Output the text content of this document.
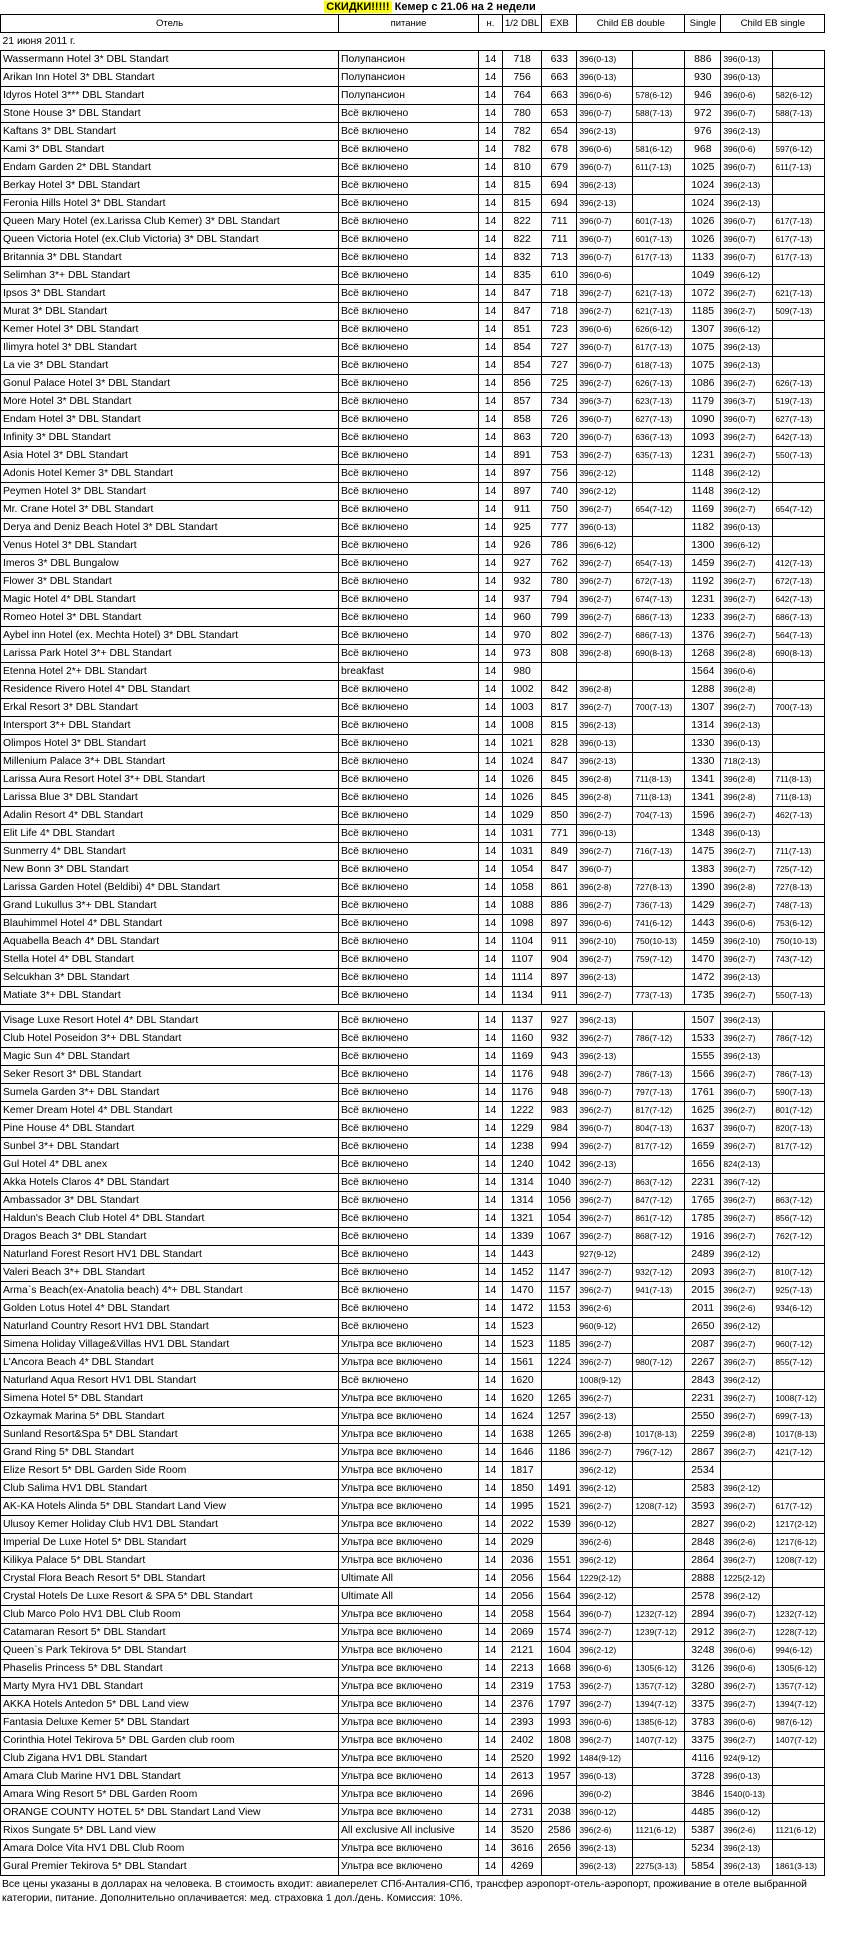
СКИДКИ!!!!! Кемер с 21.06 на 2 недели
Отель	питание	н.	1/2 DBL	EXB	Child EB double		Single	Child EB single	
21 июня 2011 г.									
Wassermann Hotel 3* DBL Standart	Полупансион	14	718	633	396(0-13)		886	396(0-13)	
Arikan Inn Hotel 3* DBL Standart	Полупансион	14	756	663	396(0-13)		930	396(0-13)	
Idyros Hotel 3*** DBL Standart	Полупансион	14	764	663	396(0-6)	578(6-12)	946	396(0-6)	582(6-12)
Stone House 3* DBL Standart	Всё включено	14	780	653	396(0-7)	588(7-13)	972	396(0-7)	588(7-13)
Kaftans 3* DBL Standart	Всё включено	14	782	654	396(2-13)		976	396(2-13)	
Kami 3* DBL Standart	Всё включено	14	782	678	396(0-6)	581(6-12)	968	396(0-6)	597(6-12)
Endam Garden 2* DBL Standart	Всё включено	14	810	679	396(0-7)	611(7-13)	1025	396(0-7)	611(7-13)
Berkay Hotel 3* DBL Standart	Всё включено	14	815	694	396(2-13)		1024	396(2-13)	
Feronia Hills Hotel 3* DBL Standart	Всё включено	14	815	694	396(2-13)		1024	396(2-13)	
Queen Mary Hotel (ex.Larissa Club Kemer) 3* DBL Standart	Всё включено	14	822	711	396(0-7)	601(7-13)	1026	396(0-7)	617(7-13)
Queen Victoria Hotel (ex.Club Victoria) 3* DBL Standart	Всё включено	14	822	711	396(0-7)	601(7-13)	1026	396(0-7)	617(7-13)
Britannia 3* DBL Standart	Всё включено	14	832	713	396(0-7)	617(7-13)	1133	396(0-7)	617(7-13)
Selimhan 3*+ DBL Standart	Всё включено	14	835	610	396(0-6)		1049	396(6-12)	
Ipsos 3* DBL Standart	Всё включено	14	847	718	396(2-7)	621(7-13)	1072	396(2-7)	621(7-13)
Murat 3* DBL Standart	Всё включено	14	847	718	396(2-7)	621(7-13)	1185	396(2-7)	509(7-13)
Kemer Hotel 3* DBL Standart	Всё включено	14	851	723	396(0-6)	626(6-12)	1307	396(6-12)	
Ilimyra hotel 3* DBL Standart	Всё включено	14	854	727	396(0-7)	617(7-13)	1075	396(2-13)	
La vie 3* DBL Standart	Всё включено	14	854	727	396(0-7)	618(7-13)	1075	396(2-13)	
Gonul Palace Hotel 3* DBL Standart	Всё включено	14	856	725	396(2-7)	626(7-13)	1086	396(2-7)	626(7-13)
More Hotel 3* DBL Standart	Всё включено	14	857	734	396(3-7)	623(7-13)	1179	396(3-7)	519(7-13)
Endam Hotel 3* DBL Standart	Всё включено	14	858	726	396(0-7)	627(7-13)	1090	396(0-7)	627(7-13)
Infinity 3* DBL Standart	Всё включено	14	863	720	396(0-7)	636(7-13)	1093	396(2-7)	642(7-13)
Asia Hotel 3* DBL Standart	Всё включено	14	891	753	396(2-7)	635(7-13)	1231	396(2-7)	550(7-13)
Adonis Hotel Kemer 3* DBL Standart	Всё включено	14	897	756	396(2-12)		1148	396(2-12)	
Peymen Hotel 3* DBL Standart	Всё включено	14	897	740	396(2-12)		1148	396(2-12)	
Mr. Crane Hotel 3* DBL Standart	Всё включено	14	911	750	396(2-7)	654(7-12)	1169	396(2-7)	654(7-12)
Derya and Deniz Beach Hotel 3* DBL Standart	Всё включено	14	925	777	396(0-13)		1182	396(0-13)	
Venus Hotel 3* DBL Standart	Всё включено	14	926	786	396(6-12)		1300	396(6-12)	
Imeros 3* DBL Bungalow	Всё включено	14	927	762	396(2-7)	654(7-13)	1459	396(2-7)	412(7-13)
Flower 3* DBL Standart	Всё включено	14	932	780	396(2-7)	672(7-13)	1192	396(2-7)	672(7-13)
Magic Hotel 4* DBL Standart	Всё включено	14	937	794	396(2-7)	674(7-13)	1231	396(2-7)	642(7-13)
Romeo Hotel 3* DBL Standart	Всё включено	14	960	799	396(2-7)	686(7-13)	1233	396(2-7)	686(7-13)
Aybel inn Hotel (ex. Mechta Hotel) 3* DBL Standart	Всё включено	14	970	802	396(2-7)	686(7-13)	1376	396(2-7)	564(7-13)
Larissa Park Hotel 3*+ DBL Standart	Всё включено	14	973	808	396(2-8)	690(8-13)	1268	396(2-8)	690(8-13)
Etenna Hotel 2*+ DBL Standart	breakfast	14	980				1564	396(0-6)	
Residence Rivero Hotel 4* DBL Standart	Всё включено	14	1002	842	396(2-8)		1288	396(2-8)	
Erkal Resort 3* DBL Standart	Всё включено	14	1003	817	396(2-7)	700(7-13)	1307	396(2-7)	700(7-13)
Intersport 3*+ DBL Standart	Всё включено	14	1008	815	396(2-13)		1314	396(2-13)	
Olimpos Hotel 3* DBL Standart	Всё включено	14	1021	828	396(0-13)		1330	396(0-13)	
Millenium Palace 3*+ DBL Standart	Всё включено	14	1024	847	396(2-13)		1330	718(2-13)	
Larissa Aura Resort Hotel 3*+ DBL Standart	Всё включено	14	1026	845	396(2-8)	711(8-13)	1341	396(2-8)	711(8-13)
Larissa Blue 3* DBL Standart	Всё включено	14	1026	845	396(2-8)	711(8-13)	1341	396(2-8)	711(8-13)
Adalin Resort 4* DBL Standart	Всё включено	14	1029	850	396(2-7)	704(7-13)	1596	396(2-7)	462(7-13)
Elit Life 4* DBL Standart	Всё включено	14	1031	771	396(0-13)		1348	396(0-13)	
Sunmerry 4* DBL Standart	Всё включено	14	1031	849	396(2-7)	716(7-13)	1475	396(2-7)	711(7-13)
New Bonn 3* DBL Standart	Всё включено	14	1054	847	396(0-7)		1383	396(2-7)	725(7-12)
Larissa Garden Hotel (Beldibi) 4* DBL Standart	Всё включено	14	1058	861	396(2-8)	727(8-13)	1390	396(2-8)	727(8-13)
Grand Lukullus 3*+ DBL Standart	Всё включено	14	1088	886	396(2-7)	736(7-13)	1429	396(2-7)	748(7-13)
Blauhimmel Hotel 4* DBL Standart	Всё включено	14	1098	897	396(0-6)	741(6-12)	1443	396(0-6)	753(6-12)
Aquabella Beach 4* DBL Standart	Всё включено	14	1104	911	396(2-10)	750(10-13)	1459	396(2-10)	750(10-13)
Stella Hotel 4* DBL Standart	Всё включено	14	1107	904	396(2-7)	759(7-12)	1470	396(2-7)	743(7-12)
Selcukhan 3* DBL Standart	Всё включено	14	1114	897	396(2-13)		1472	396(2-13)	
Matiate 3*+ DBL Standart	Всё включено	14	1134	911	396(2-7)	773(7-13)	1735	396(2-7)	550(7-13)

Visage Luxe Resort Hotel 4* DBL Standart	Всё включено	14	1137	927	396(2-13)		1507	396(2-13)	
Club Hotel Poseidon 3*+ DBL Standart	Всё включено	14	1160	932	396(2-7)	786(7-12)	1533	396(2-7)	786(7-12)
Magic Sun 4* DBL Standart	Всё включено	14	1169	943	396(2-13)		1555	396(2-13)	
Seker Resort 3* DBL Standart	Всё включено	14	1176	948	396(2-7)	786(7-13)	1566	396(2-7)	786(7-13)
Sumela Garden 3*+ DBL Standart	Всё включено	14	1176	948	396(0-7)	797(7-13)	1761	396(0-7)	590(7-13)
Kemer Dream Hotel 4* DBL Standart	Всё включено	14	1222	983	396(2-7)	817(7-12)	1625	396(2-7)	801(7-12)
Pine House 4* DBL Standart	Всё включено	14	1229	984	396(0-7)	804(7-13)	1637	396(0-7)	820(7-13)
Sunbel 3*+ DBL Standart	Всё включено	14	1238	994	396(2-7)	817(7-12)	1659	396(2-7)	817(7-12)
Gul Hotel 4* DBL anex	Всё включено	14	1240	1042	396(2-13)		1656	824(2-13)	
Akka Hotels Claros 4* DBL Standart	Всё включено	14	1314	1040	396(2-7)	863(7-12)	2231	396(7-12)	
Ambassador 3* DBL Standart	Всё включено	14	1314	1056	396(2-7)	847(7-12)	1765	396(2-7)	863(7-12)
Haldun's Beach Club Hotel 4* DBL Standart	Всё включено	14	1321	1054	396(2-7)	861(7-12)	1785	396(2-7)	856(7-12)
Dragos Beach 3* DBL Standart	Всё включено	14	1339	1067	396(2-7)	868(7-12)	1916	396(2-7)	762(7-12)
Naturland Forest Resort HV1 DBL Standart	Всё включено	14	1443		927(9-12)		2489	396(2-12)	
Valeri Beach 3*+ DBL Standart	Всё включено	14	1452	1147	396(2-7)	932(7-12)	2093	396(2-7)	810(7-12)
Arma`s Beach(ex-Anatolia beach) 4*+ DBL Standart	Всё включено	14	1470	1157	396(2-7)	941(7-13)	2015	396(2-7)	925(7-13)
Golden Lotus Hotel 4* DBL Standart	Всё включено	14	1472	1153	396(2-6)		2011	396(2-6)	934(6-12)
Naturland Country Resort HV1 DBL Standart	Всё включено	14	1523		960(9-12)		2650	396(2-12)	
Simena Holiday Village&Villas HV1 DBL Standart	Ультра все включено	14	1523	1185	396(2-7)		2087	396(2-7)	960(7-12)
L'Ancora Beach 4* DBL Standart	Ультра все включено	14	1561	1224	396(2-7)	980(7-12)	2267	396(2-7)	855(7-12)
Naturland Aqua Resort HV1 DBL Standart	Всё включено	14	1620		1008(9-12)		2843	396(2-12)	
Simena Hotel 5* DBL Standart	Ультра все включено	14	1620	1265	396(2-7)		2231	396(2-7)	1008(7-12)
Ozkaymak Marina 5* DBL Standart	Ультра все включено	14	1624	1257	396(2-13)		2550	396(2-7)	699(7-13)
Sunland Resort&Spa 5* DBL Standart	Ультра все включено	14	1638	1265	396(2-8)	1017(8-13)	2259	396(2-8)	1017(8-13)
Grand Ring 5* DBL Standart	Ультра все включено	14	1646	1186	396(2-7)	796(7-12)	2867	396(2-7)	421(7-12)
Elize Resort 5* DBL Garden Side Room	Ультра все включено	14	1817		396(2-12)		2534		
Club Salima HV1 DBL Standart	Ультра все включено	14	1850	1491	396(2-12)		2583	396(2-12)	
AK-KA Hotels Alinda 5* DBL Standart Land View	Ультра все включено	14	1995	1521	396(2-7)	1208(7-12)	3593	396(2-7)	617(7-12)
Ulusoy Kemer Holiday Club HV1 DBL Standart	Ультра все включено	14	2022	1539	396(0-12)		2827	396(0-2)	1217(2-12)
Imperial De Luxe Hotel 5* DBL Standart	Ультра все включено	14	2029		396(2-6)		2848	396(2-6)	1217(6-12)
Kilikya Palace 5* DBL Standart	Ультра все включено	14	2036	1551	396(2-12)		2864	396(2-7)	1208(7-12)
Crystal Flora Beach Resort 5* DBL Standart	Ultimate All	14	2056	1564	1229(2-12)		2888	1225(2-12)	
Crystal Hotels De Luxe Resort & SPA 5* DBL Standart	Ultimate All	14	2056	1564	396(2-12)		2578	396(2-12)	
Club Marco Polo HV1 DBL Club Room	Ультра все включено	14	2058	1564	396(0-7)	1232(7-12)	2894	396(0-7)	1232(7-12)
Catamaran Resort 5* DBL Standart	Ультра все включено	14	2069	1574	396(2-7)	1239(7-12)	2912	396(2-7)	1228(7-12)
Queen`s Park Tekirova 5* DBL Standart	Ультра все включено	14	2121	1604	396(2-12)		3248	396(0-6)	994(6-12)
Phaselis Princess 5* DBL Standart	Ультра все включено	14	2213	1668	396(0-6)	1305(6-12)	3126	396(0-6)	1305(6-12)
Marty Myra HV1 DBL Standart	Ультра все включено	14	2319	1753	396(2-7)	1357(7-12)	3280	396(2-7)	1357(7-12)
AKKA Hotels Antedon 5* DBL Land view	Ультра все включено	14	2376	1797	396(2-7)	1394(7-12)	3375	396(2-7)	1394(7-12)
Fantasia Deluxe Kemer 5* DBL Standart	Ультра все включено	14	2393	1993	396(0-6)	1385(6-12)	3783	396(0-6)	987(6-12)
Corinthia Hotel Tekirova 5* DBL Garden club room	Ультра все включено	14	2402	1808	396(2-7)	1407(7-12)	3375	396(2-7)	1407(7-12)
Club Zigana HV1 DBL Standart	Ультра все включено	14	2520	1992	1484(9-12)		4116	924(9-12)	
Amara Club Marine HV1 DBL Standart	Ультра все включено	14	2613	1957	396(0-13)		3728	396(0-13)	
Amara Wing Resort 5* DBL Garden Room	Ультра все включено	14	2696		396(0-2)		3846	1540(0-13)	
ORANGE COUNTY HOTEL 5* DBL Standart Land View	Ультра все включено	14	2731	2038	396(0-12)		4485	396(0-12)	
Rixos Sungate 5* DBL Land view	All exclusive All inclusive	14	3520	2586	396(2-6)	1121(6-12)	5387	396(2-6)	1121(6-12)
Amara Dolce Vita HV1 DBL Club Room	Ультра все включено	14	3616	2656	396(2-13)		5234	396(2-13)	
Gural Premier Tekirova 5* DBL Standart	Ультра все включено	14	4269		396(2-13)	2275(3-13)	5854	396(2-13)	1861(3-13)
Все цены указаны в долларах на человека. В стоимость входит: авиаперелет СПб-Анталия-СПб, трансфер аэропорт-отель-аэропорт, проживание в отеле выбранной категории, питание. Дополнительно оплачивается: мед. страховка 1 дол./день. Комиссия: 10%.
